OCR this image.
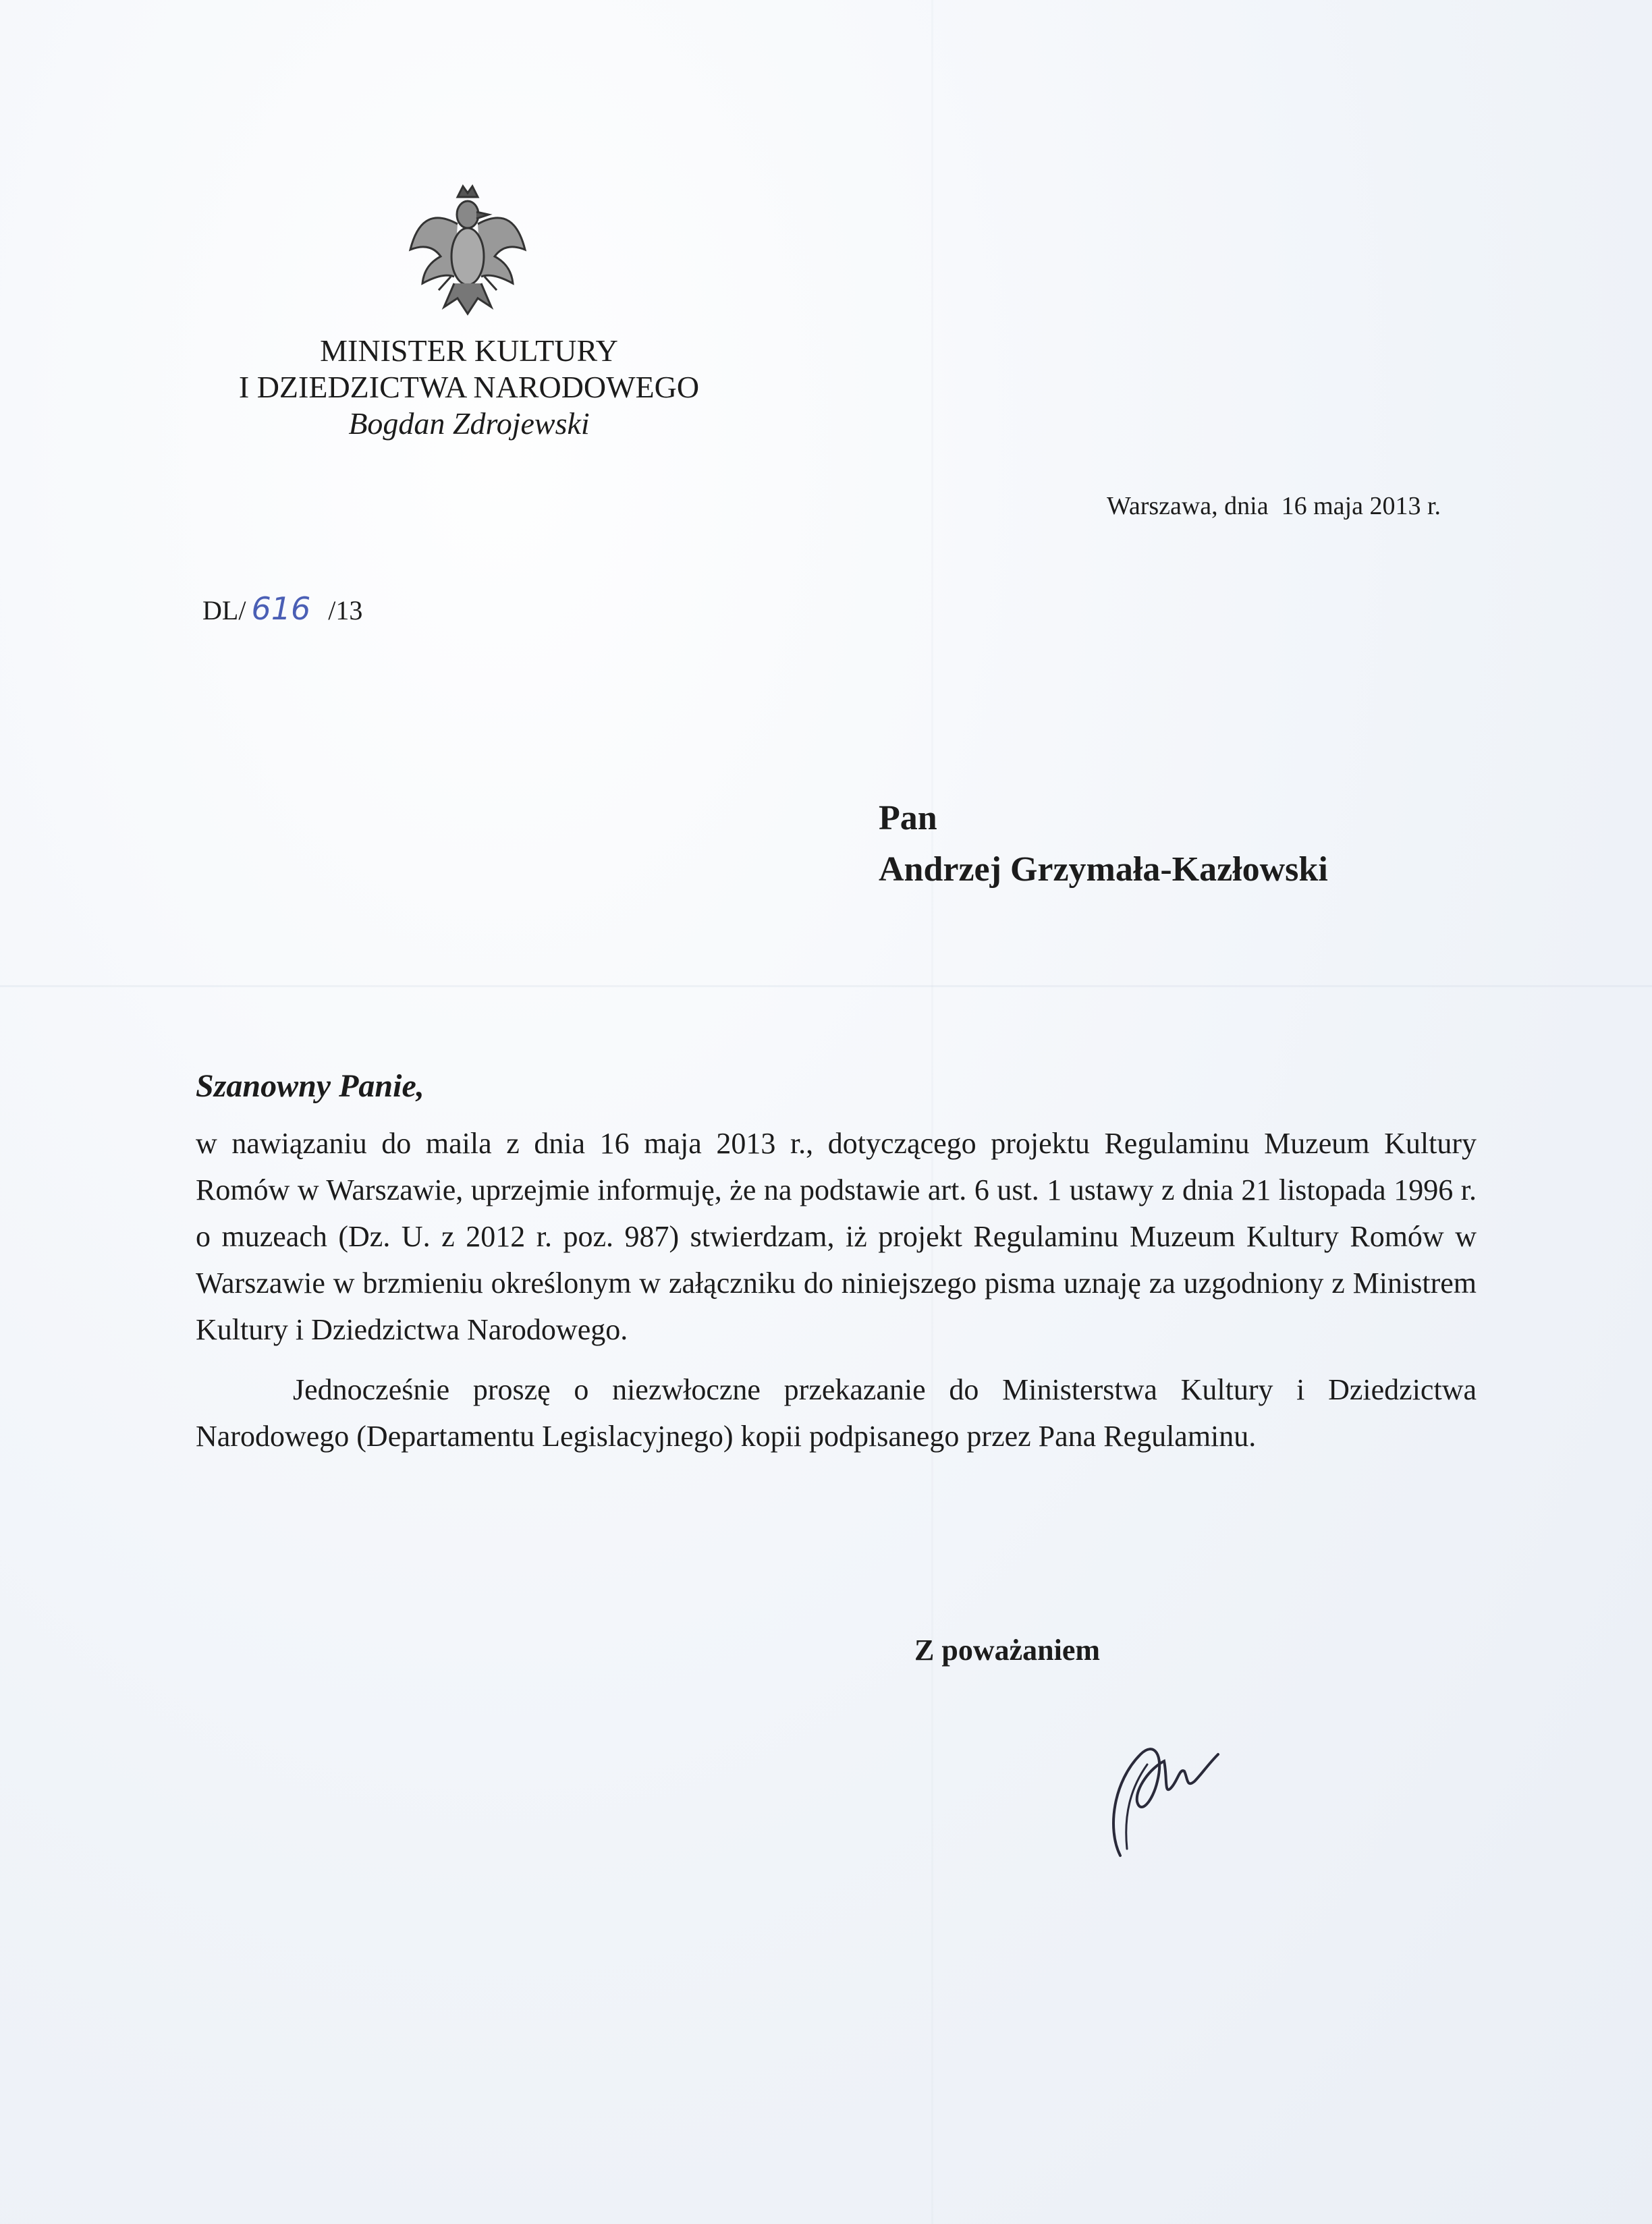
MINISTER KULTURY
I DZIEDZICTWA NARODOWEGO
Bogdan Zdrojewski
Warszawa, dnia  16 maja 2013 r.
DL/ 616 /13
Pan
Andrzej Grzymała-Kazłowski
Szanowny Panie,

w nawiązaniu do maila z dnia 16 maja 2013 r., dotyczącego projektu Regulaminu Muzeum Kultury Romów w Warszawie, uprzejmie informuję, że na podstawie art. 6 ust. 1 ustawy z dnia 21 listopada 1996 r. o muzeach (Dz. U. z 2012 r. poz. 987) stwierdzam, iż projekt Regulaminu Muzeum Kultury Romów w Warszawie w brzmieniu określonym w załączniku do niniejszego pisma uznaję za uzgodniony z Ministrem Kultury i Dziedzictwa Narodowego.

Jednocześnie proszę o niezwłoczne przekazanie do Ministerstwa Kultury i Dziedzictwa Narodowego (Departamentu Legislacyjnego) kopii podpisanego przez Pana Regulaminu.

Z poważaniem
